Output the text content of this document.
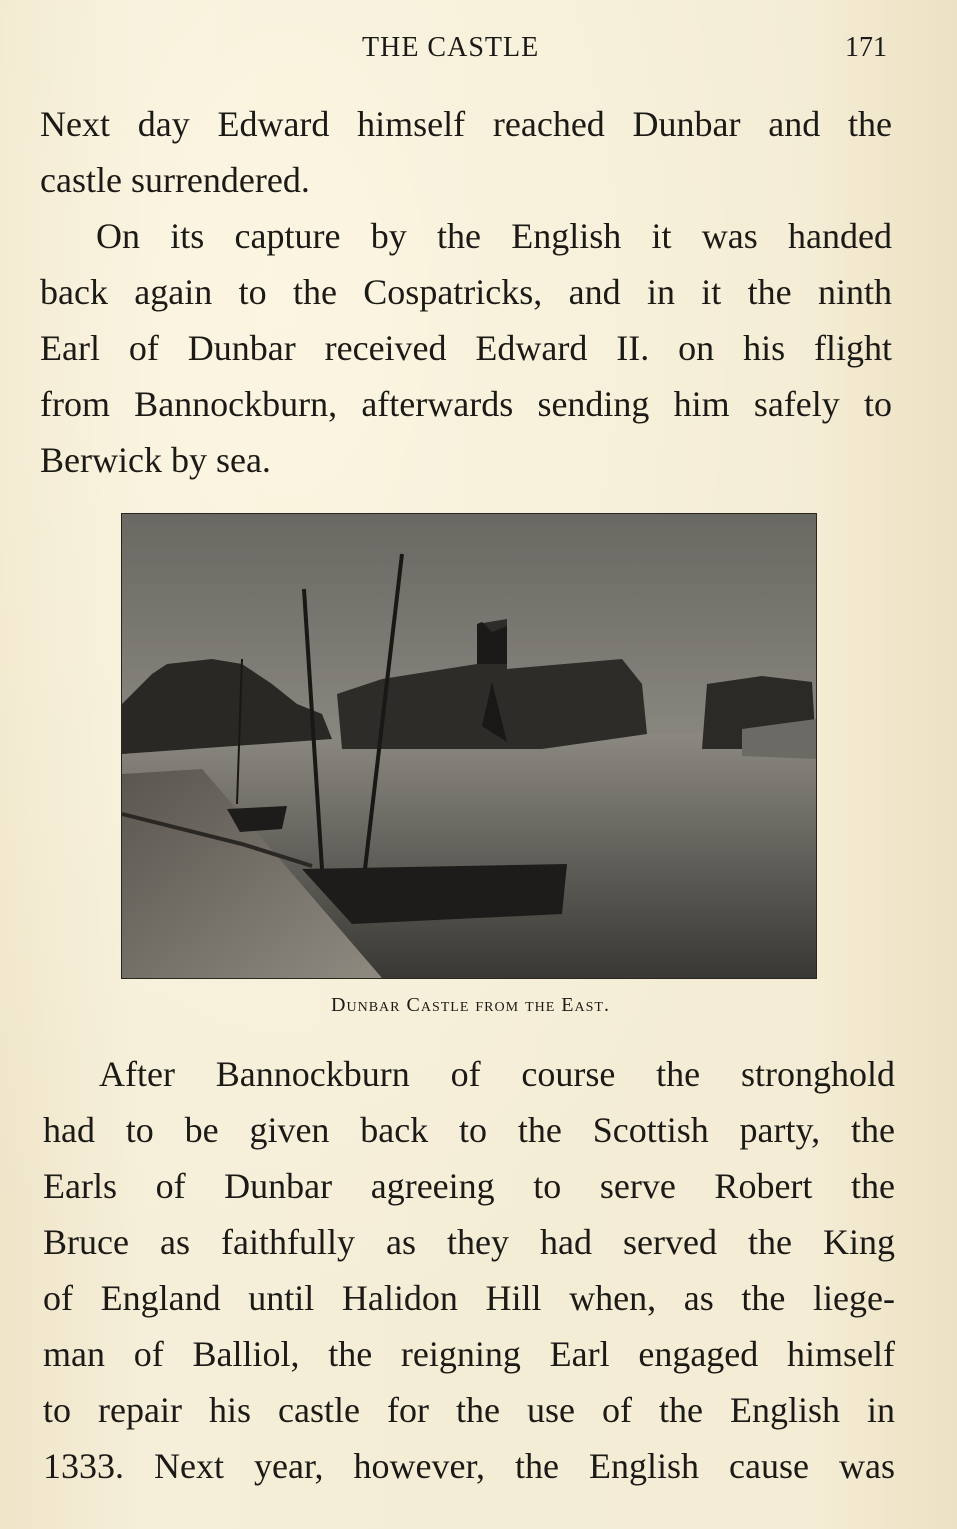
THE CASTLE	171
Next day Edward himself reached Dunbar and the
castle surrendered.
On its capture by the English it was handed
back again to the Cospatricks, and in it the ninth
Earl of Dunbar received Edward II. on his flight
from Bannockburn, afterwards sending him safely to
Berwick by sea.
Dunbar Castle from the East.
After Bannockburn of course the stronghold
had to be given back to the Scottish party, the
Earls of Dunbar agreeing to serve Robert the
Bruce as faithfully as they had served the King
of England until Halidon Hill when, as the liege-
man of Balliol, the reigning Earl engaged himself
to repair his castle for the use of the English in
1333. Next year, however, the English cause was
